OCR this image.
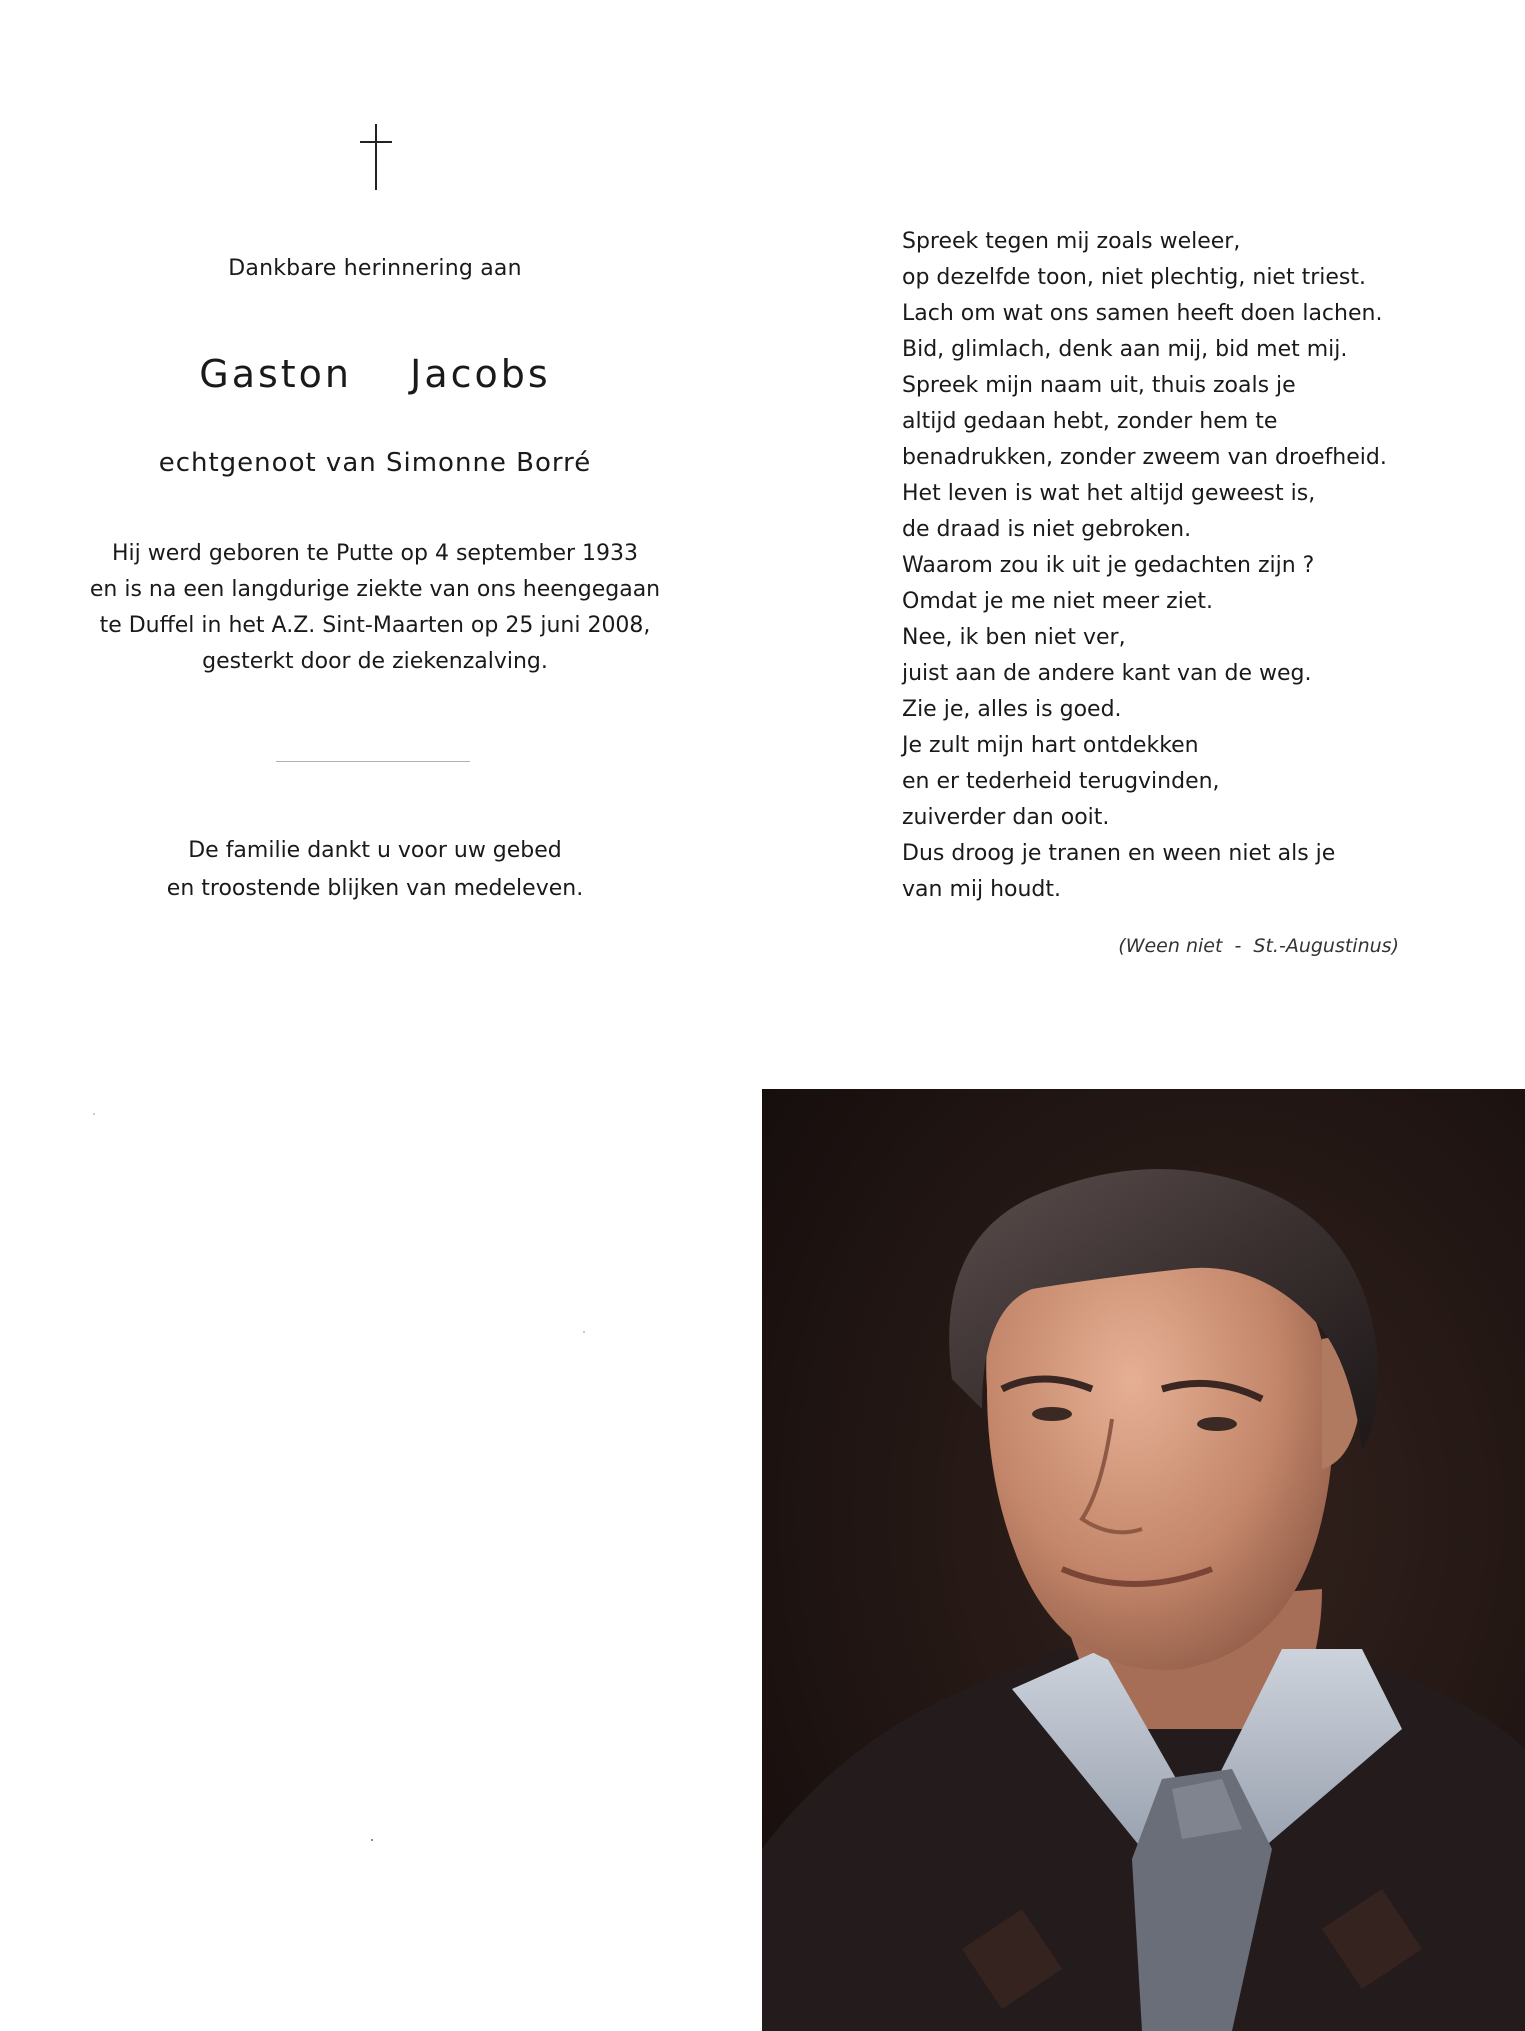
Dankbare herinnering aan
Gaston  Jacobs
echtgenoot van Simonne Borré
Hij werd geboren te Putte op 4 september 1933
en is na een langdurige ziekte van ons heengegaan
te Duffel in het A.Z. Sint-Maarten op 25 juni 2008,
gesterkt door de ziekenzalving.
De familie dankt u voor uw gebed
en troostende blijken van medeleven.
Spreek tegen mij zoals weleer,
op dezelfde toon, niet plechtig, niet triest.
Lach om wat ons samen heeft doen lachen.
Bid, glimlach, denk aan mij, bid met mij.
Spreek mijn naam uit, thuis zoals je
altijd gedaan hebt, zonder hem te
benadrukken, zonder zweem van droefheid.
Het leven is wat het altijd geweest is,
de draad is niet gebroken.
Waarom zou ik uit je gedachten zijn ?
Omdat je me niet meer ziet.
Nee, ik ben niet ver,
juist aan de andere kant van de weg.
Zie je, alles is goed.
Je zult mijn hart ontdekken
en er tederheid terugvinden,
zuiverder dan ooit.
Dus droog je tranen en ween niet als je
van mij houdt.
(Ween niet  -  St.-Augustinus)
